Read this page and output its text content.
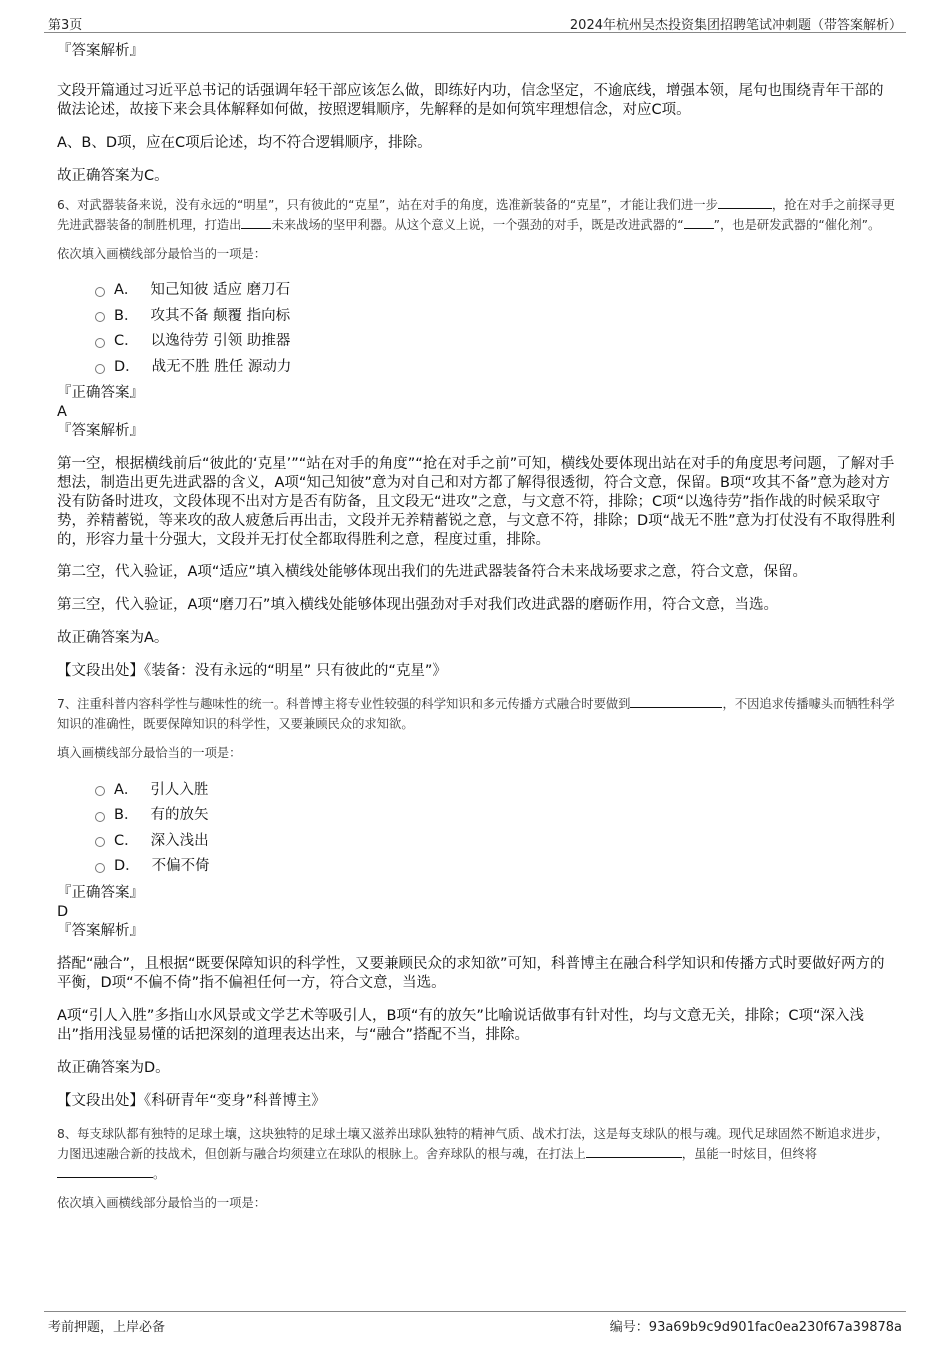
第3页	2024年杭州吴杰投资集团招聘笔试冲刺题（带答案解析）

『答案解析』

文段开篇通过习近平总书记的话强调年轻干部应该怎么做，即练好内功，信念坚定，不逾底线，增强本领，尾句也围绕青年干部的做法论述，故接下来会具体解释如何做，按照逻辑顺序，先解释的是如何筑牢理想信念，对应C项。

A、B、D项，应在C项后论述，均不符合逻辑顺序，排除。

故正确答案为C。

6、对武器装备来说，没有永远的“明星”，只有彼此的“克星”，站在对手的角度，选准新装备的“克星”，才能让我们进一步	，抢在对手之前探寻更先进武器装备的制胜机理，打造出 未来战场的坚甲利器。从这个意义上说，一个强劲的对手，既是改进武器的“ ”，也是研发武器的“催化剂”。

依次填入画横线部分最恰当的一项是：

A． 知己知彼 适应 磨刀石
B． 攻其不备 颠覆 指向标
C． 以逸待劳 引领 助推器
D． 战无不胜 胜任 源动力

『正确答案』

A

『答案解析』

第一空，根据横线前后“彼此的‘克星’”“站在对手的角度”“抢在对手之前”可知，横线处要体现出站在对手的角度思考问题，了解对手想法，制造出更先进武器的含义，A项“知己知彼”意为对自己和对方都了解得很透彻，符合文意，保留。B项“攻其不备”意为趁对方没有防备时进攻，文段体现不出对方是否有防备，且文段无“进攻”之意，与文意不符，排除；C项“以逸待劳”指作战的时候采取守势，养精蓄锐，等来攻的敌人疲惫后再出击，文段并无养精蓄锐之意，与文意不符，排除；D项“战无不胜”意为打仗没有不取得胜利的，形容力量十分强大，文段并无打仗全都取得胜利之意，程度过重，排除。

第二空，代入验证，A项“适应”填入横线处能够体现出我们的先进武器装备符合未来战场要求之意，符合文意，保留。

第三空，代入验证，A项“磨刀石”填入横线处能够体现出强劲对手对我们改进武器的磨砺作用，符合文意，当选。

故正确答案为A。

【文段出处】《装备：没有永远的“明星” 只有彼此的“克星”》

7、注重科普内容科学性与趣味性的统一。科普博主将专业性较强的科学知识和多元传播方式融合时要做到	，不因追求传播噱头而牺牲科学知识的准确性，既要保障知识的科学性，又要兼顾民众的求知欲。

填入画横线部分最恰当的一项是：

A． 引人入胜
B． 有的放矢
C． 深入浅出
D． 不偏不倚

『正确答案』

D

『答案解析』

搭配“融合”，且根据“既要保障知识的科学性，又要兼顾民众的求知欲”可知，科普博主在融合科学知识和传播方式时要做好两方的平衡，D项“不偏不倚”指不偏袒任何一方，符合文意，当选。

A项“引人入胜”多指山水风景或文学艺术等吸引人，B项“有的放矢”比喻说话做事有针对性，均与文意无关，排除；C项“深入浅出”指用浅显易懂的话把深刻的道理表达出来，与“融合”搭配不当，排除。

故正确答案为D。

【文段出处】《科研青年“变身”科普博主》

8、每支球队都有独特的足球土壤，这块独特的足球土壤又滋养出球队独特的精神气质、战术打法，这是每支球队的根与魂。现代足球固然不断追求进步，力图迅速融合新的技战术，但创新与融合均须建立在球队的根脉上。舍弃球队的根与魂，在打法上	，虽能一时炫目，但终将。

依次填入画横线部分最恰当的一项是：

考前押题，上岸必备	编号：93a69b9c9d901fac0ea230f67a39878a
